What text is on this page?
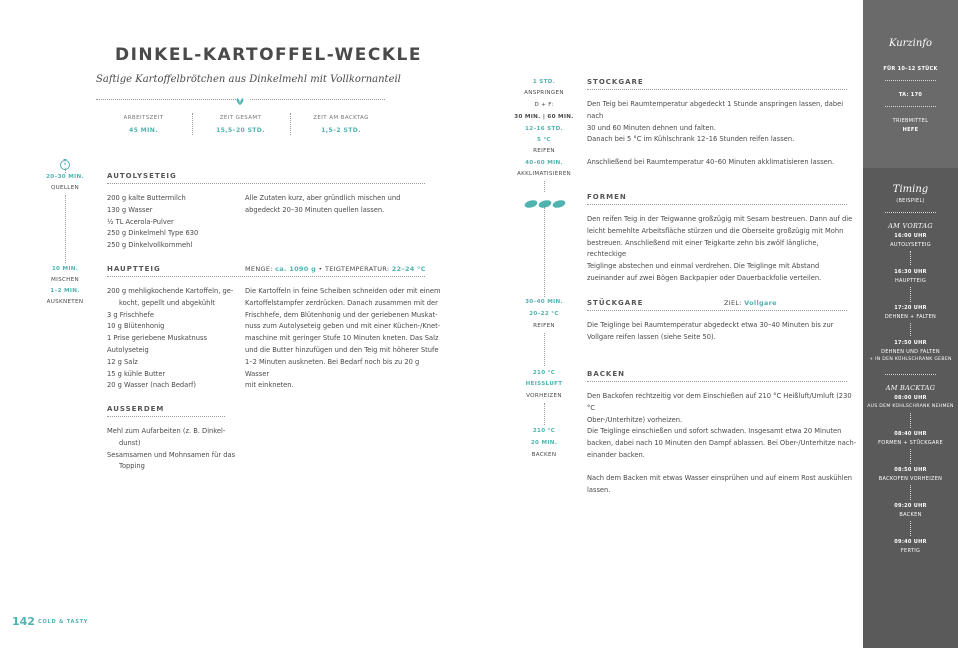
DINKEL-KARTOFFEL-WECKLE
Saftige Kartoffelbrötchen aus Dinkelmehl mit Vollkornanteil
ARBEITSZEIT
45 MIN.
ZEIT GESAMT
15,5–20 STD.
ZEIT AM BACKTAG
1,5–2 STD.
20–30 MIN.
QUELLEN
10 MIN.
MISCHEN
1–2 MIN.
AUSKNETEN
AUTOLYSETEIG
200 g kalte Buttermilch
130 g Wasser
½ TL Acerola-Pulver
250 g Dinkelmehl Type 630
250 g Dinkelvollkornmehl
Alle Zutaten kurz, aber gründlich mischen und abgedeckt 20–30 Minuten quellen lassen.
HAUPTTEIG	MENGE: ca. 1090 g • TEIGTEMPERATUR: 22–24 °C
200 g mehligkochende Kartoffeln, ge-
kocht, gepellt und abgekühlt
3 g Frischhefe
10 g Blütenhonig
1 Prise geriebene Muskatnuss
Autolyseteig
12 g Salz
15 g kühle Butter
20 g Wasser (nach Bedarf)
Die Kartoffeln in feine Scheiben schneiden oder mit einem
Kartoffelstampfer zerdrücken. Danach zusammen mit der
Frischhefe, dem Blütenhonig und der geriebenen Muskat-
nuss zum Autolyseteig geben und mit einer Küchen-/Knet-
maschine mit geringer Stufe 10 Minuten kneten. Das Salz
und die Butter hinzufügen und den Teig mit höherer Stufe
1–2 Minuten auskneten. Bei Bedarf noch bis zu 20 g Wasser
mit einkneten.
AUSSERDEM
Mehl zum Aufarbeiten (z. B. Dinkel-
dunst)
Sesamsamen und Mohnsamen für das
Topping
1 STD.
ANSPRINGEN
D + F:
30 MIN. | 60 MIN.
12–16 STD.
5 °C
REIFEN
40–60 MIN.
AKKLIMATISIEREN
30–40 MIN.
20–22 °C
REIFEN
210 °C
HEISSLUFT
VORHEIZEN
210 °C
20 MIN.
BACKEN
STOCKGARE
Den Teig bei Raumtemperatur abgedeckt 1 Stunde anspringen lassen, dabei nach
30 und 60 Minuten dehnen und falten.
Danach bei 5 °C im Kühlschrank 12–16 Stunden reifen lassen.
Anschließend bei Raumtemperatur 40–60 Minuten akklimatisieren lassen.
FORMEN
Den reifen Teig in der Teigwanne großzügig mit Sesam bestreuen. Dann auf die
leicht bemehlte Arbeitsfläche stürzen und die Oberseite großzügig mit Mohn
bestreuen. Anschließend mit einer Teigkarte zehn bis zwölf längliche, rechteckige
Teiglinge abstechen und einmal verdrehen. Die Teiglinge mit Abstand
zueinander auf zwei Bögen Backpapier oder Dauerbackfolie verteilen.
STÜCKGARE	ZIEL: Vollgare
Die Teiglinge bei Raumtemperatur abgedeckt etwa 30–40 Minuten bis zur
Vollgare reifen lassen (siehe Seite 50).
BACKEN
Den Backofen rechtzeitig vor dem Einschießen auf 210 °C Heißluft/Umluft (230 °C
Ober-/Unterhitze) vorheizen.
Die Teiglinge einschießen und sofort schwaden. Insgesamt etwa 20 Minuten
backen, dabei nach 10 Minuten den Dampf ablassen. Bei Ober-/Unterhitze nach-
einander backen.
Nach dem Backen mit etwas Wasser einsprühen und auf einem Rost auskühlen
lassen.
Kurzinfo
FÜR 10–12 STÜCK
TA: 170
TRIEBMITTEL
HEFE
Timing
(BEISPIEL)
AM VORTAG
16:00 UHR
AUTOLYSETEIG
16:30 UHR
HAUPTTEIG
17:20 UHR
DEHNEN + FALTEN
17:50 UHR
DEHNEN UND FALTEN
+ IN DEN KÜHLSCHRANK GEBEN
AM BACKTAG
08:00 UHR
AUS DEM KÜHLSCHRANK NEHMEN
08:40 UHR
FORMEN + STÜCKGARE
08:50 UHR
BACKOFEN VORHEIZEN
09:20 UHR
BACKEN
09:40 UHR
FERTIG
142 COLD & TASTY
